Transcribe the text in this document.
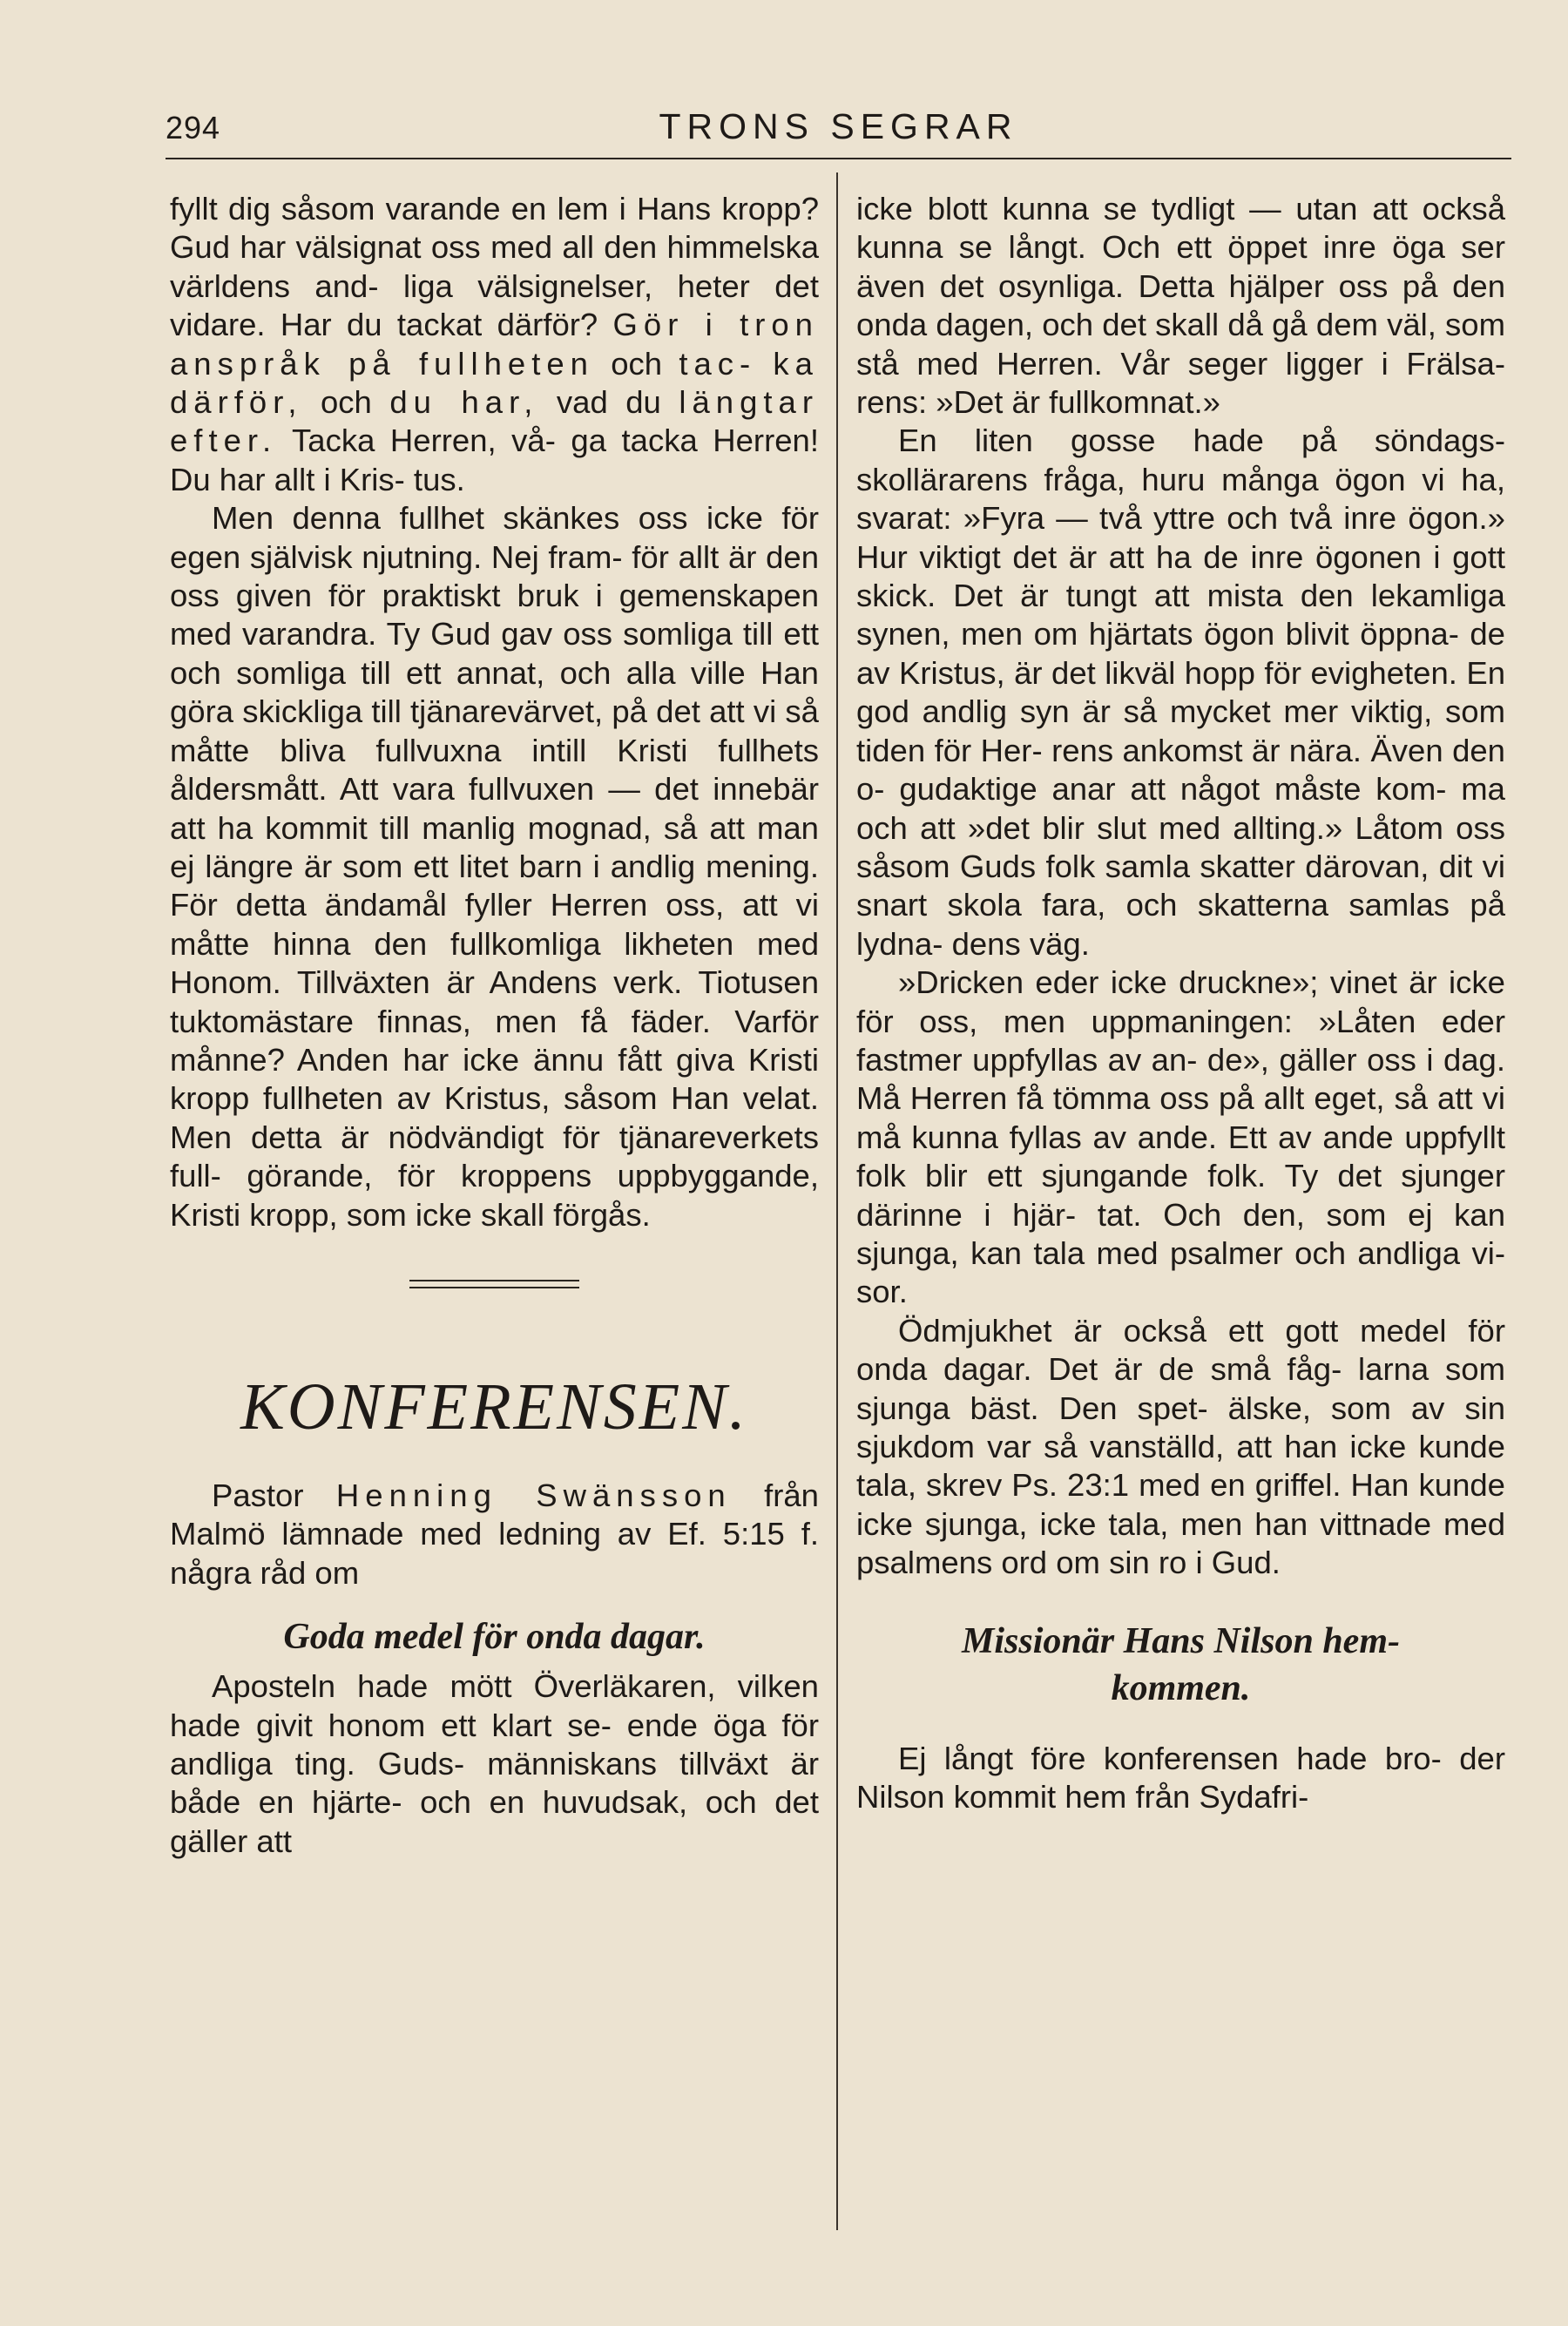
294	TRONS SEGRAR

fyllt dig såsom varande en lem i Hans kropp? Gud har välsignat oss med all den himmelska världens and- liga välsignelser, heter det vidare. Har du tackat därför? Gör i tron anspråk på fullheten och tac- ka därför, och du har, vad du längtar efter. Tacka Herren, vå- ga tacka Herren! Du har allt i Kris- tus.

Men denna fullhet skänkes oss icke för egen självisk njutning. Nej fram- för allt är den oss given för praktiskt bruk i gemenskapen med varandra. Ty Gud gav oss somliga till ett och somliga till ett annat, och alla ville Han göra skickliga till tjänarevärvet, på det att vi så måtte bliva fullvuxna intill Kristi fullhets åldersmått. Att vara fullvuxen — det innebär att ha kommit till manlig mognad, så att man ej längre är som ett litet barn i andlig mening. För detta ändamål fyller Herren oss, att vi måtte hinna den fullkomliga likheten med Honom. Tillväxten är Andens verk. Tiotusen tuktomästare finnas, men få fäder. Varför månne? Anden har icke ännu fått giva Kristi kropp fullheten av Kristus, såsom Han velat. Men detta är nödvändigt för tjänareverkets full- görande, för kroppens uppbyggande, Kristi kropp, som icke skall förgås.

KONFERENSEN.

Pastor Henning Swänsson från Malmö lämnade med ledning av Ef. 5:15 f. några råd om

Goda medel för onda dagar.

Aposteln hade mött Överläkaren, vilken hade givit honom ett klart se- ende öga för andliga ting. Guds- människans tillväxt är både en hjärte- och en huvudsak, och det gäller att

icke blott kunna se tydligt — utan att också kunna se långt. Och ett öppet inre öga ser även det osynliga. Detta hjälper oss på den onda dagen, och det skall då gå dem väl, som stå med Herren. Vår seger ligger i Frälsa- rens: »Det är fullkomnat.»

En liten gosse hade på söndags- skollärarens fråga, huru många ögon vi ha, svarat: »Fyra — två yttre och två inre ögon.» Hur viktigt det är att ha de inre ögonen i gott skick. Det är tungt att mista den lekamliga synen, men om hjärtats ögon blivit öppna- de av Kristus, är det likväl hopp för evigheten. En god andlig syn är så mycket mer viktig, som tiden för Her- rens ankomst är nära. Även den o- gudaktige anar att något måste kom- ma och att »det blir slut med allting.» Låtom oss såsom Guds folk samla skatter därovan, dit vi snart skola fara, och skatterna samlas på lydna- dens väg.

»Dricken eder icke druckne»; vinet är icke för oss, men uppmaningen: »Låten eder fastmer uppfyllas av an- de», gäller oss i dag. Må Herren få tömma oss på allt eget, så att vi må kunna fyllas av ande. Ett av ande uppfyllt folk blir ett sjungande folk. Ty det sjunger därinne i hjär- tat. Och den, som ej kan sjunga, kan tala med psalmer och andliga vi- sor.

Ödmjukhet är också ett gott medel för onda dagar. Det är de små fåg- larna som sjunga bäst. Den spet- älske, som av sin sjukdom var så vanställd, att han icke kunde tala, skrev Ps. 23:1 med en griffel. Han kunde icke sjunga, icke tala, men han vittnade med psalmens ord om sin ro i Gud.

Missionär Hans Nilson hem-
kommen.

Ej långt före konferensen hade bro- der Nilson kommit hem från Sydafri-
